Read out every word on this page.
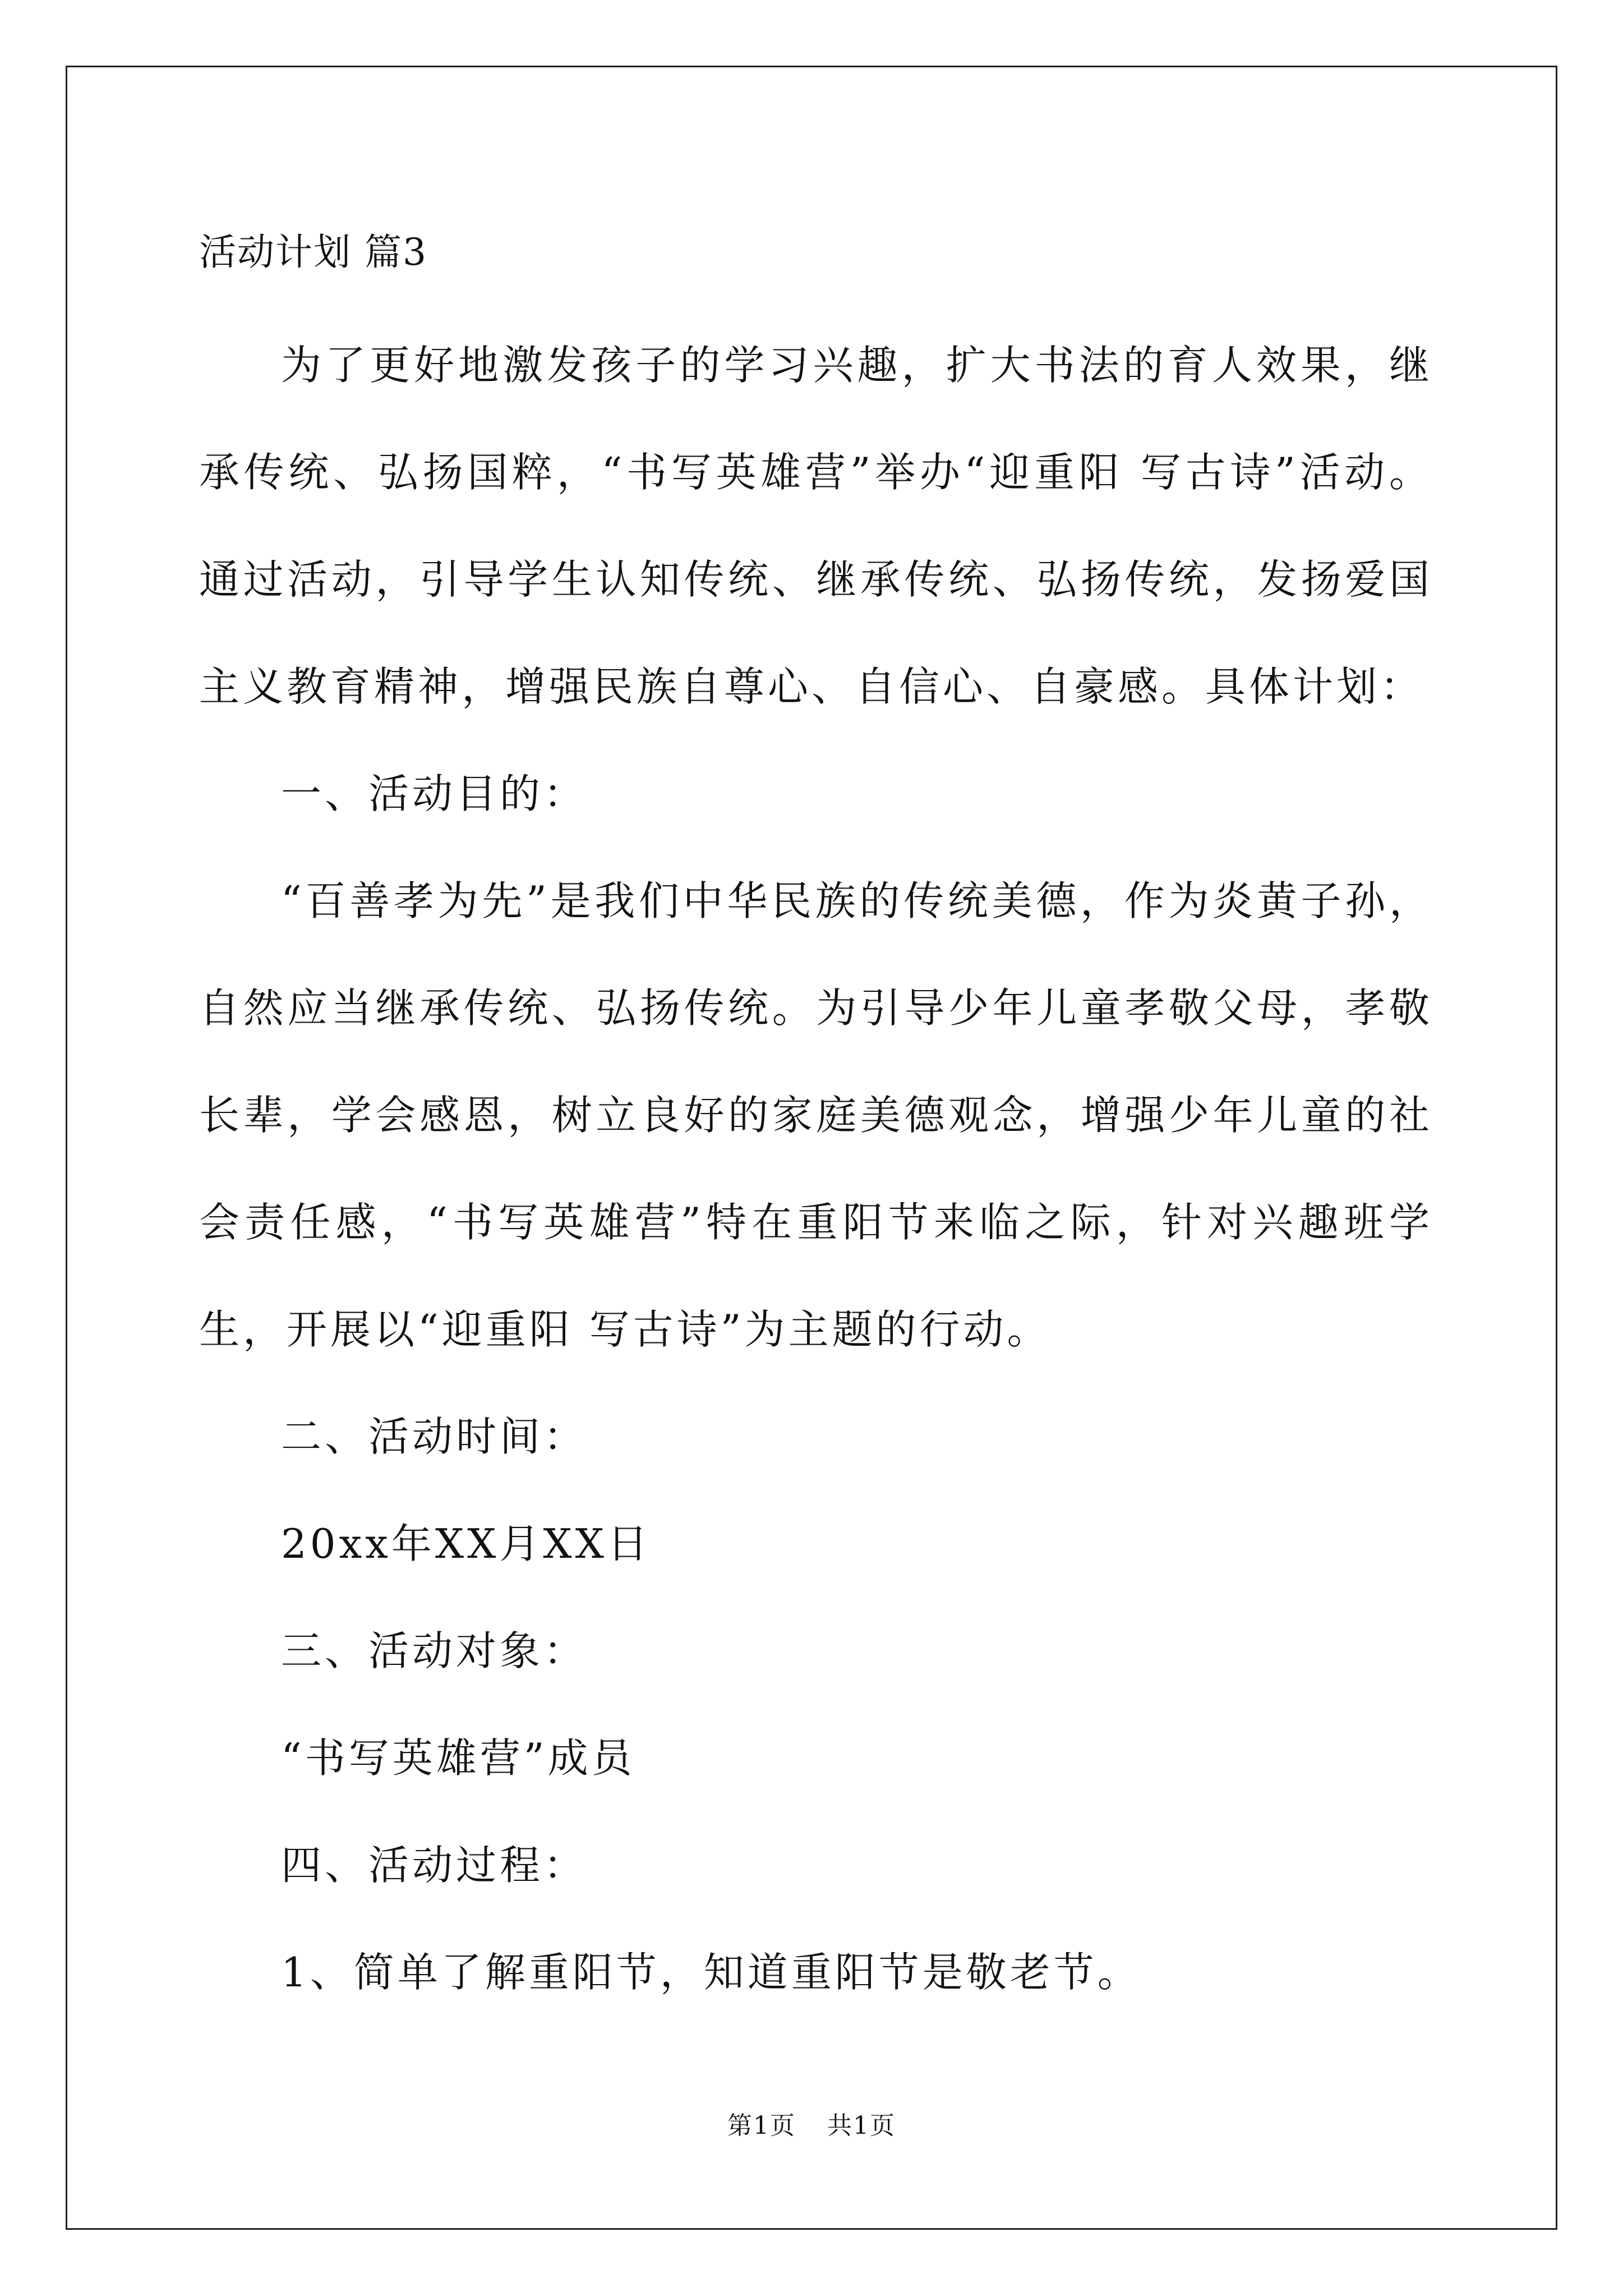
活动计划 篇3

为了更好地激发孩子的学习兴趣，扩大书法的育人效果，继承传统、弘扬国粹，“书写英雄营”举办“迎重阳 写古诗”活动。通过活动，引导学生认知传统、继承传统、弘扬传统，发扬爱国主义教育精神，增强民族自尊心、自信心、自豪感。具体计划：

一、活动目的：

“百善孝为先”是我们中华民族的传统美德，作为炎黄子孙，自然应当继承传统、弘扬传统。为引导少年儿童孝敬父母，孝敬长辈，学会感恩，树立良好的家庭美德观念，增强少年儿童的社会责任感，“书写英雄营”特在重阳节来临之际，针对兴趣班学生，开展以“迎重阳 写古诗”为主题的行动。

二、活动时间：
20xx年XX月XX日
三、活动对象：
“书写英雄营”成员
四、活动过程：
1、简单了解重阳节，知道重阳节是敬老节。
第1页 共1页
